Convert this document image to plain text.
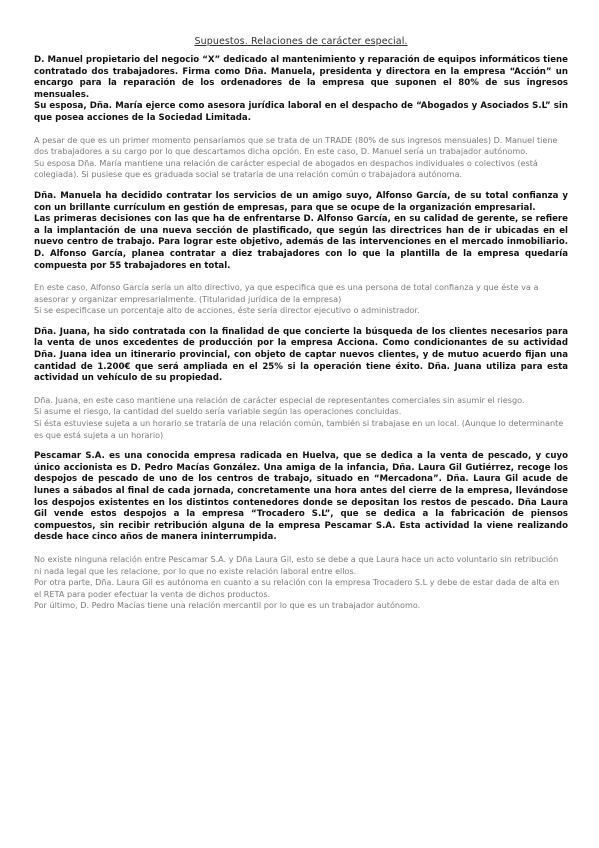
Supuestos. Relaciones de carácter especial.

D. Manuel propietario del negocio “X” dedicado al mantenimiento y reparación de equipos informáticos tiene contratado dos trabajadores. Firma como Dña. Manuela, presidenta y directora en la empresa “Acción” un encargo para la reparación de los ordenadores de la empresa que suponen el 80% de sus ingresos mensuales.

Su esposa, Dña. María ejerce como asesora jurídica laboral en el despacho de “Abogados y Asociados S.L” sin que posea acciones de la Sociedad Limitada.

A pesar de que es un primer momento pensaríamos que se trata de un TRADE (80% de sus ingresos mensuales) D. Manuel tiene dos trabajadores a su cargo por lo que descartamos dicha opción. En este caso, D. Manuel sería un trabajador autónomo.

Su esposa Dña. María mantiene una relación de carácter especial de abogados en despachos individuales o colectivos (está colegiada). Si pusiese que es graduada social se trataría de una relación común o trabajadora autónoma.

Dña. Manuela ha decidido contratar los servicios de un amigo suyo, Alfonso García, de su total confianza y con un brillante currículum en gestión de empresas, para que se ocupe de la organización empresarial.

Las primeras decisiones con las que ha de enfrentarse D. Alfonso García, en su calidad de gerente, se refiere a la implantación de una nueva sección de plastificado, que según las directrices han de ir ubicadas en el nuevo centro de trabajo. Para lograr este objetivo, además de las intervenciones en el mercado inmobiliario. D. Alfonso García, planea contratar a diez trabajadores con lo que la plantilla de la empresa quedaría compuesta por 55 trabajadores en total.

En este caso, Alfonso García sería un alto directivo, ya que especifica que es una persona de total confianza y que éste va a asesorar y organizar empresarialmente. (Titularidad jurídica de la empresa)

Si se especificase un porcentaje alto de acciones, éste sería director ejecutivo o administrador.

Dña. Juana, ha sido contratada con la finalidad de que concierte la búsqueda de los clientes necesarios para la venta de unos excedentes de producción por la empresa Acciona. Como condicionantes de su actividad Dña. Juana idea un itinerario provincial, con objeto de captar nuevos clientes, y de mutuo acuerdo fijan una cantidad de 1.200€ que será ampliada en el 25% si la operación tiene éxito. Dña. Juana utiliza para esta actividad un vehículo de su propiedad.

Dña. Juana, en este caso mantiene una relación de carácter especial de representantes comerciales sin asumir el riesgo.

Si asume el riesgo, la cantidad del sueldo sería variable según las operaciones concluidas.

Si ésta estuviese sujeta a un horario se trataría de una relación común, también si trabajase en un local. (Aunque lo determinante es que está sujeta a un horario)

Pescamar S.A. es una conocida empresa radicada en Huelva, que se dedica a la venta de pescado, y cuyo único accionista es D. Pedro Macías González. Una amiga de la infancia, Dña. Laura Gil Gutiérrez, recoge los despojos de pescado de uno de los centros de trabajo, situado en “Mercadona”. Dña. Laura Gil acude de lunes a sábados al final de cada jornada, concretamente una hora antes del cierre de la empresa, llevándose los despojos existentes en los distintos contenedores donde se depositan los restos de pescado. Dña Laura Gil vende estos despojos a la empresa “Trocadero S.L”, que se dedica a la fabricación de piensos compuestos, sin recibir retribución alguna de la empresa Pescamar S.A. Esta actividad la viene realizando desde hace cinco años de manera ininterrumpida.

No existe ninguna relación entre Pescamar S.A. y Dña Laura Gil, esto se debe a que Laura hace un acto voluntario sin retribución ni nada legal que les relacione, por lo que no existe relación laboral entre ellos.

Por otra parte, Dña. Laura Gil es autónoma en cuanto a su relación con la empresa Trocadero S.L y debe de estar dada de alta en el RETA para poder efectuar la venta de dichos productos.

Por último, D. Pedro Macías tiene una relación mercantil por lo que es un trabajador autónomo.
